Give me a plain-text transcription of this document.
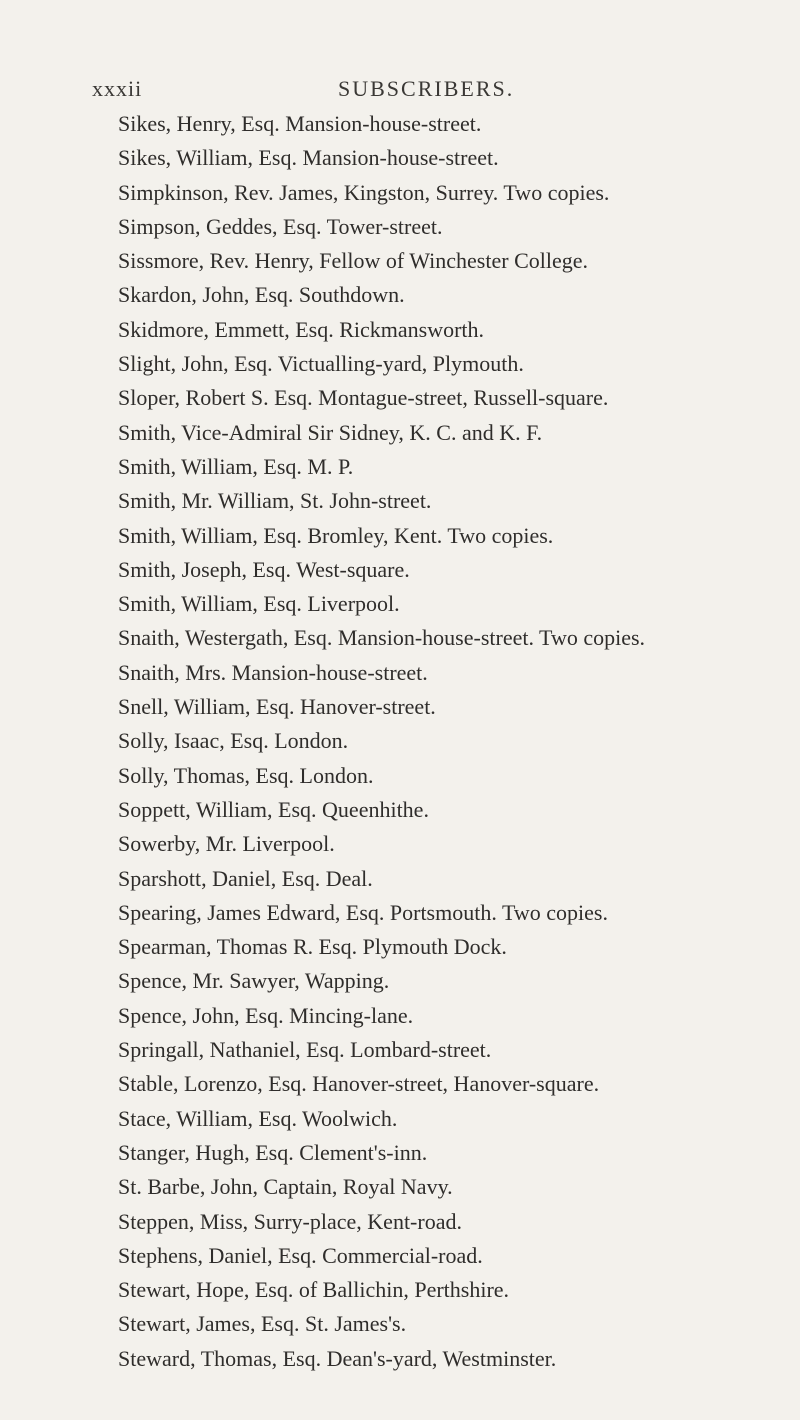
xxxii	SUBSCRIBERS.
Sikes, Henry, Esq. Mansion-house-street.
Sikes, William, Esq. Mansion-house-street.
Simpkinson, Rev. James, Kingston, Surrey. Two copies.
Simpson, Geddes, Esq. Tower-street.
Sissmore, Rev. Henry, Fellow of Winchester College.
Skardon, John, Esq. Southdown.
Skidmore, Emmett, Esq. Rickmansworth.
Slight, John, Esq. Victualling-yard, Plymouth.
Sloper, Robert S. Esq. Montague-street, Russell-square.
Smith, Vice-Admiral Sir Sidney, K. C. and K. F.
Smith, William, Esq. M. P.
Smith, Mr. William, St. John-street.
Smith, William, Esq. Bromley, Kent. Two copies.
Smith, Joseph, Esq. West-square.
Smith, William, Esq. Liverpool.
Snaith, Westergath, Esq. Mansion-house-street. Two copies.
Snaith, Mrs. Mansion-house-street.
Snell, William, Esq. Hanover-street.
Solly, Isaac, Esq. London.
Solly, Thomas, Esq. London.
Soppett, William, Esq. Queenhithe.
Sowerby, Mr. Liverpool.
Sparshott, Daniel, Esq. Deal.
Spearing, James Edward, Esq. Portsmouth. Two copies.
Spearman, Thomas R. Esq. Plymouth Dock.
Spence, Mr. Sawyer, Wapping.
Spence, John, Esq. Mincing-lane.
Springall, Nathaniel, Esq. Lombard-street.
Stable, Lorenzo, Esq. Hanover-street, Hanover-square.
Stace, William, Esq. Woolwich.
Stanger, Hugh, Esq. Clement's-inn.
St. Barbe, John, Captain, Royal Navy.
Steppen, Miss, Surry-place, Kent-road.
Stephens, Daniel, Esq. Commercial-road.
Stewart, Hope, Esq. of Ballichin, Perthshire.
Stewart, James, Esq. St. James's.
Steward, Thomas, Esq. Dean's-yard, Westminster.
